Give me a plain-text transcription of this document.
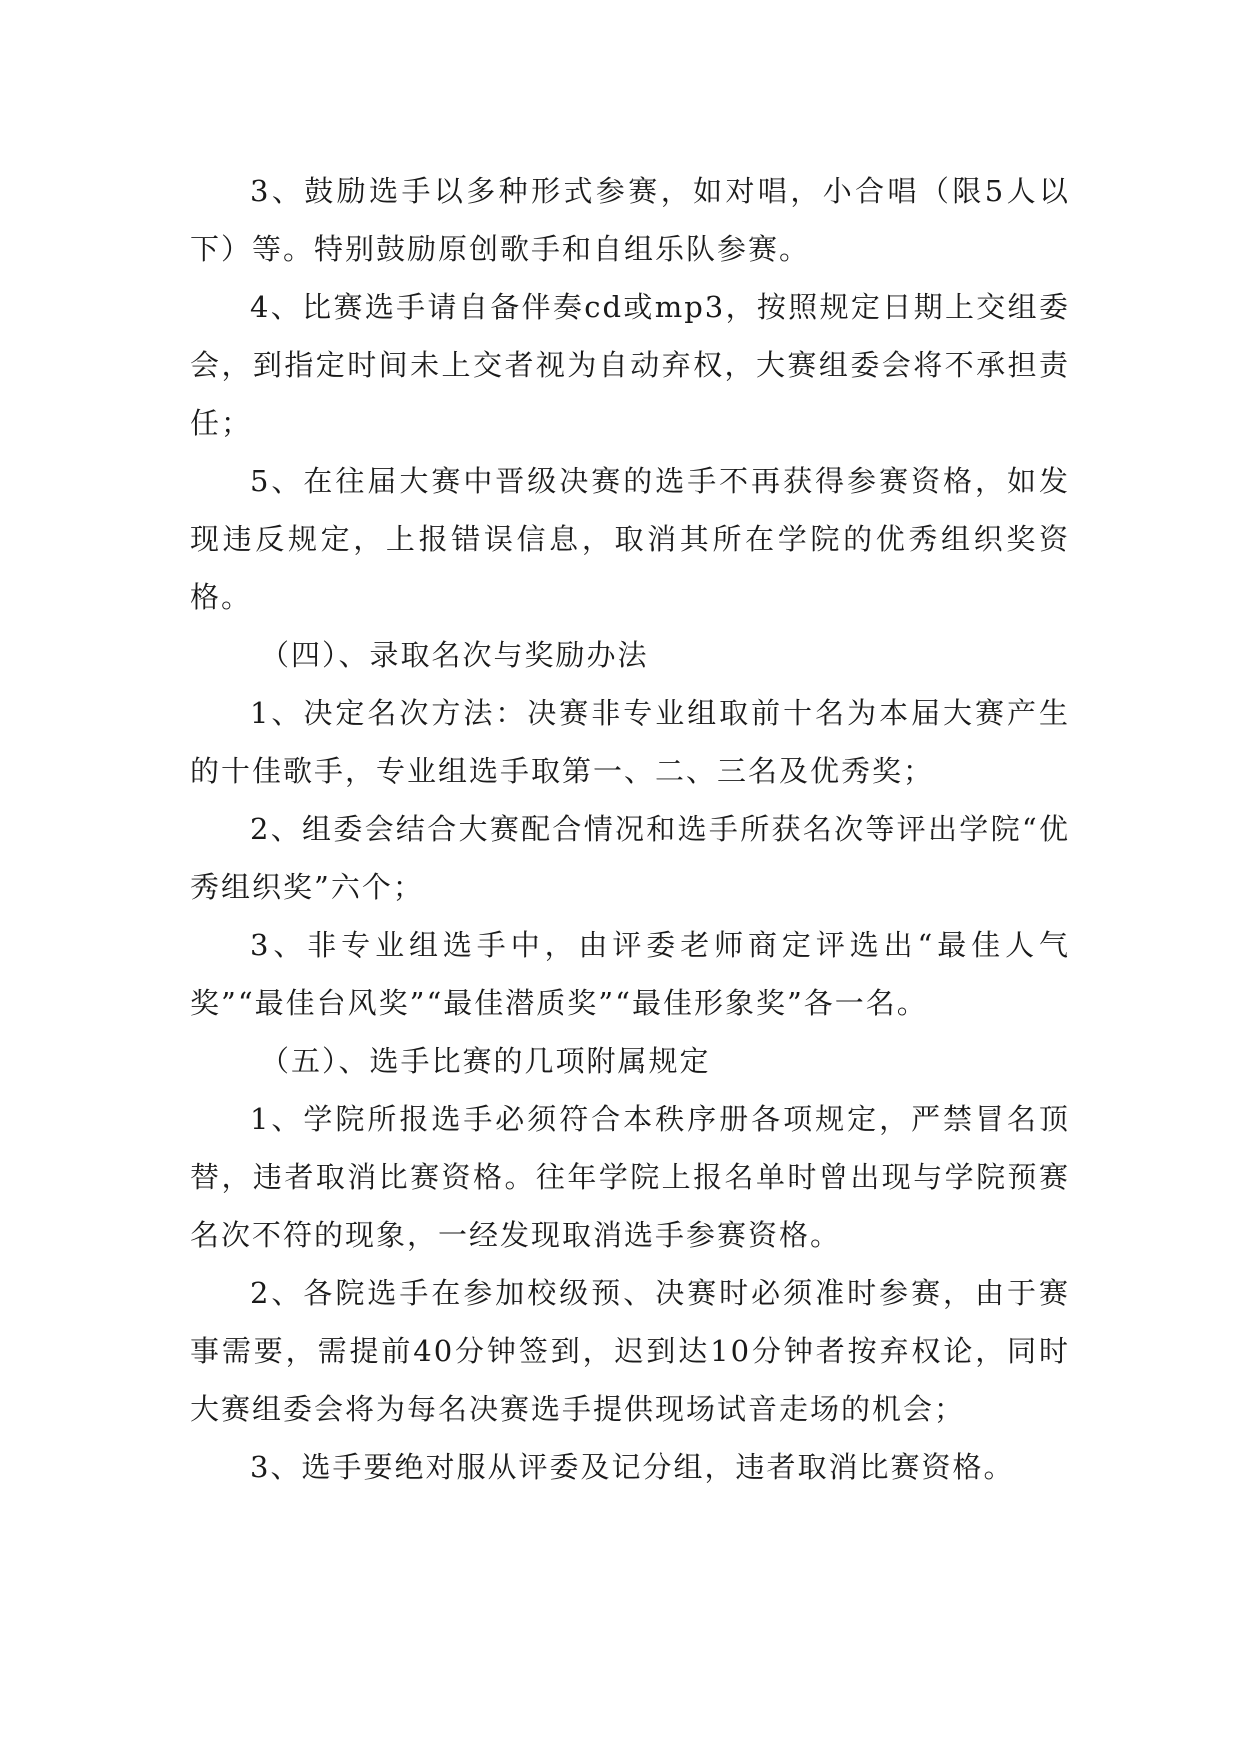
3、鼓励选手以多种形式参赛，如对唱，小合唱（限5人以下）等。特别鼓励原创歌手和自组乐队参赛。

4、比赛选手请自备伴奏cd或mp3，按照规定日期上交组委会，到指定时间未上交者视为自动弃权，大赛组委会将不承担责任；

5、在往届大赛中晋级决赛的选手不再获得参赛资格，如发现违反规定，上报错误信息，取消其所在学院的优秀组织奖资格。

（四）、录取名次与奖励办法

1、决定名次方法：决赛非专业组取前十名为本届大赛产生的十佳歌手，专业组选手取第一、二、三名及优秀奖；

2、组委会结合大赛配合情况和选手所获名次等评出学院“优秀组织奖”六个；

3、非专业组选手中，由评委老师商定评选出“最佳人气奖”“最佳台风奖”“最佳潜质奖”“最佳形象奖”各一名。

（五）、选手比赛的几项附属规定

1、学院所报选手必须符合本秩序册各项规定，严禁冒名顶替，违者取消比赛资格。往年学院上报名单时曾出现与学院预赛名次不符的现象，一经发现取消选手参赛资格。

2、各院选手在参加校级预、决赛时必须准时参赛，由于赛事需要，需提前40分钟签到，迟到达10分钟者按弃权论，同时大赛组委会将为每名决赛选手提供现场试音走场的机会；

3、选手要绝对服从评委及记分组，违者取消比赛资格。
